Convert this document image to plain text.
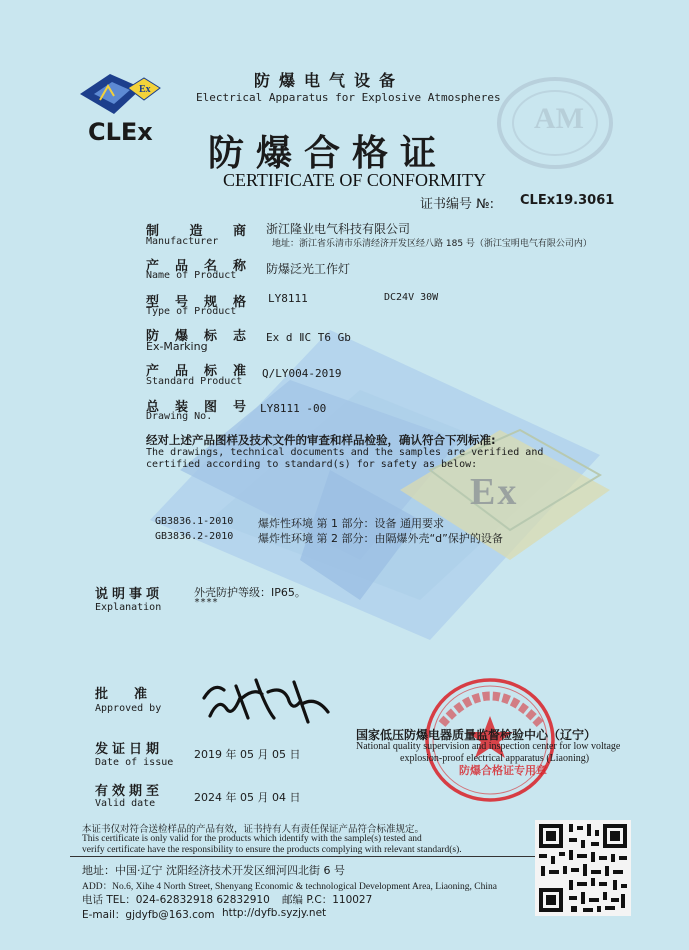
AM
Ex
Ex
CLEx
防爆电气设备
Electrical Apparatus for Explosive Atmospheres
防爆合格证
CERTIFICATE OF CONFORMITY
证书编号 №: CLEx19.3061
制 造 商
Manufacturer
浙江隆业电气科技有限公司
地址：浙江省乐清市乐清经济开发区经八路 185 号（浙江宝明电气有限公司内）
产 品 名 称
Name of Product 防爆泛光工作灯
型 号 规 格
Type of Product
LY8111	DC24V 30W
防 爆 标 志
Ex-Marking
Ex d ⅡC T6 Gb
产 品 标 准
Standard Product
Q/LY004-2019
总 装 图 号
Drawing No.
LY8111 -00
经对上述产品图样及技术文件的审查和样品检验，确认符合下列标准:
The drawings, technical documents and the samples are verified and
certified according to standard(s) for safety as below:
GB3836.1-2010 爆炸性环境 第 1 部分：设备 通用要求
GB3836.2-2010 爆炸性环境 第 2 部分：由隔爆外壳“d”保护的设备
说明事项
Explanation
外壳防护等级：IP65。
****
批　　准
Approved by
防爆合格证专用章
国家低压防爆电器质量监督检验中心（辽宁）
National quality supervision and inspection center for low voltage
explosion-proof electrical apparatus (Liaoning)
发证日期
Date of issue
2019 年 05 月 05 日
有效期至
Valid date	2024 年 05 月 04 日
本证书仅对符合送检样品的产品有效，证书持有人有责任保证产品符合标准规定。
This certificate is only valid for the products which identify with the sample(s) tested and
verify certificate have the responsibility to ensure the products complying with relevant standard(s).
地址：中国·辽宁 沈阳经济技术开发区细河四北街 6 号
ADD：No.6, Xihe 4 North Street, Shenyang Economic & technological Development Area, Liaoning, China
电话 TEL：024-62832918 62832910 邮编 P.C：110027
E-mail：gjdyfb@163.com http://dyfb.syzjy.net
